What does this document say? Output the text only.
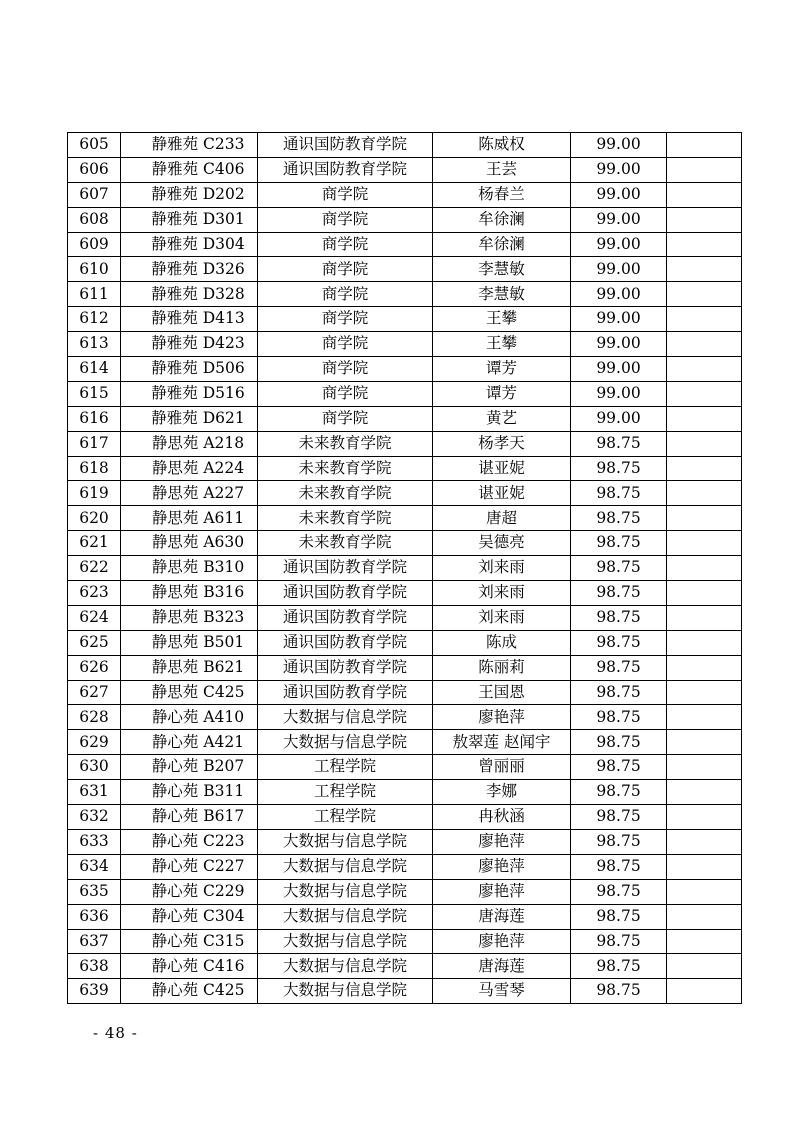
605	静雅苑 C233	通识国防教育学院	陈威权	99.00	
606	静雅苑 C406	通识国防教育学院	王芸	99.00	
607	静雅苑 D202	商学院	杨春兰	99.00	
608	静雅苑 D301	商学院	牟徐澜	99.00	
609	静雅苑 D304	商学院	牟徐澜	99.00	
610	静雅苑 D326	商学院	李慧敏	99.00	
611	静雅苑 D328	商学院	李慧敏	99.00	
612	静雅苑 D413	商学院	王攀	99.00	
613	静雅苑 D423	商学院	王攀	99.00	
614	静雅苑 D506	商学院	谭芳	99.00	
615	静雅苑 D516	商学院	谭芳	99.00	
616	静雅苑 D621	商学院	黄艺	99.00	
617	静思苑 A218	未来教育学院	杨孝天	98.75	
618	静思苑 A224	未来教育学院	谌亚妮	98.75	
619	静思苑 A227	未来教育学院	谌亚妮	98.75	
620	静思苑 A611	未来教育学院	唐超	98.75	
621	静思苑 A630	未来教育学院	吴德亮	98.75	
622	静思苑 B310	通识国防教育学院	刘来雨	98.75	
623	静思苑 B316	通识国防教育学院	刘来雨	98.75	
624	静思苑 B323	通识国防教育学院	刘来雨	98.75	
625	静思苑 B501	通识国防教育学院	陈成	98.75	
626	静思苑 B621	通识国防教育学院	陈丽莉	98.75	
627	静思苑 C425	通识国防教育学院	王国恩	98.75	
628	静心苑 A410	大数据与信息学院	廖艳萍	98.75	
629	静心苑 A421	大数据与信息学院	敖翠莲 赵闻宇	98.75	
630	静心苑 B207	工程学院	曾丽丽	98.75	
631	静心苑 B311	工程学院	李娜	98.75	
632	静心苑 B617	工程学院	冉秋涵	98.75	
633	静心苑 C223	大数据与信息学院	廖艳萍	98.75	
634	静心苑 C227	大数据与信息学院	廖艳萍	98.75	
635	静心苑 C229	大数据与信息学院	廖艳萍	98.75	
636	静心苑 C304	大数据与信息学院	唐海莲	98.75	
637	静心苑 C315	大数据与信息学院	廖艳萍	98.75	
638	静心苑 C416	大数据与信息学院	唐海莲	98.75	
639	静心苑 C425	大数据与信息学院	马雪琴	98.75	
- 48 -
